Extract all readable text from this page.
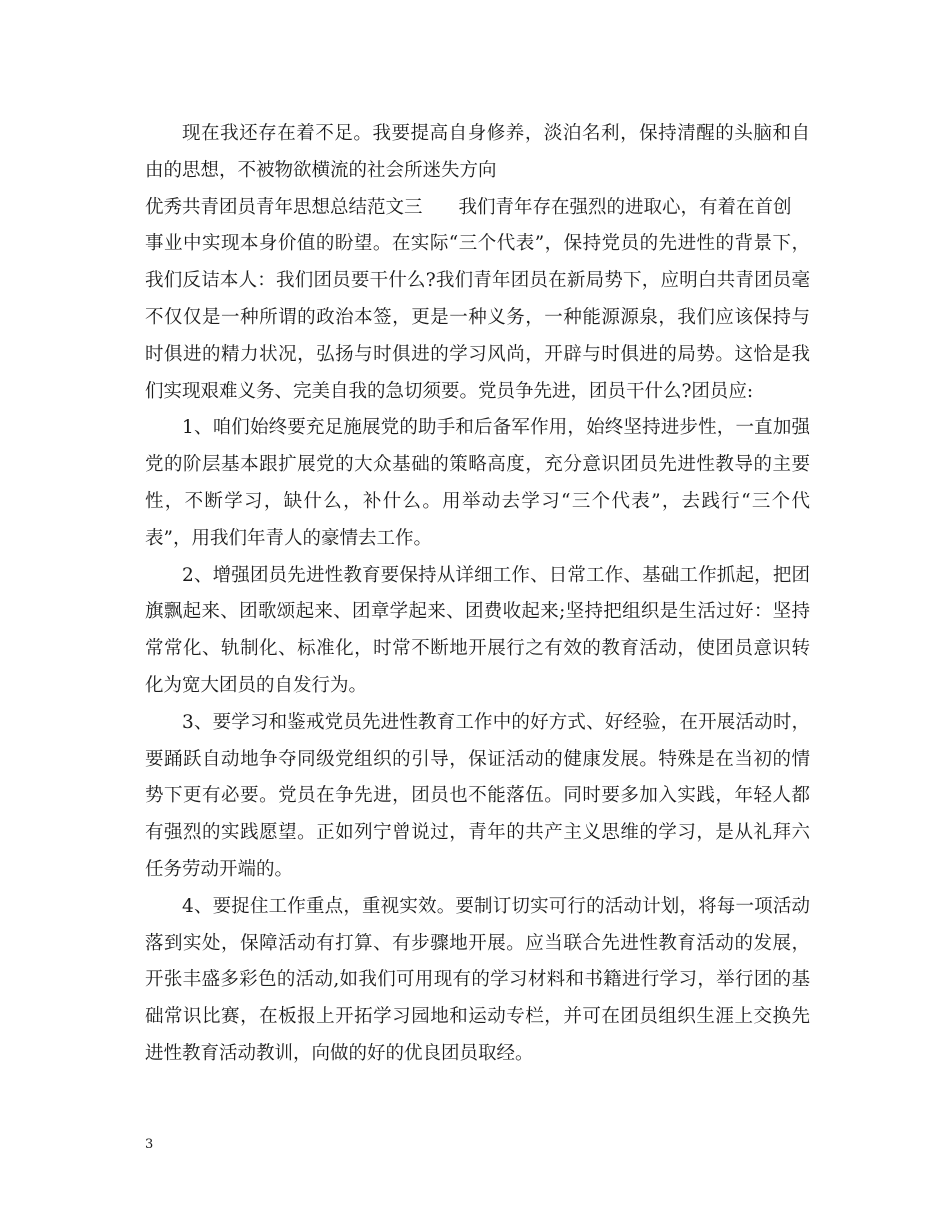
现在我还存在着不足。我要提高自身修养，淡泊名利，保持清醒的头脑和自
由的思想，不被物欲横流的社会所迷失方向
优秀共青团员青年思想总结范文三 我们青年存在强烈的进取心，有着在首创
事业中实现本身价值的盼望。在实际“三个代表”，保持党员的先进性的背景下，
我们反诘本人：我们团员要干什么?我们青年团员在新局势下，应明白共青团员毫
不仅仅是一种所谓的政治本签，更是一种义务，一种能源源泉，我们应该保持与
时俱进的精力状况，弘扬与时俱进的学习风尚，开辟与时俱进的局势。这恰是我
们实现艰难义务、完美自我的急切须要。党员争先进，团员干什么?团员应:
1、咱们始终要充足施展党的助手和后备军作用，始终坚持进步性，一直加强
党的阶层基本跟扩展党的大众基础的策略高度，充分意识团员先进性教导的主要
性，不断学习，缺什么，补什么。用举动去学习“三个代表”，去践行“三个代
表”，用我们年青人的豪情去工作。
2、增强团员先进性教育要保持从详细工作、日常工作、基础工作抓起，把团
旗飘起来、团歌颂起来、团章学起来、团费收起来;坚持把组织是生活过好：坚持
常常化、轨制化、标准化，时常不断地开展行之有效的教育活动，使团员意识转
化为宽大团员的自发行为。
3、要学习和鉴戒党员先进性教育工作中的好方式、好经验，在开展活动时，
要踊跃自动地争夺同级党组织的引导，保证活动的健康发展。特殊是在当初的情
势下更有必要。党员在争先进，团员也不能落伍。同时要多加入实践，年轻人都
有强烈的实践愿望。正如列宁曾说过，青年的共产主义思维的学习，是从礼拜六
任务劳动开端的。
4、要捉住工作重点，重视实效。要制订切实可行的活动计划，将每一项活动
落到实处，保障活动有打算、有步骤地开展。应当联合先进性教育活动的发展，
开张丰盛多彩色的活动,如我们可用现有的学习材料和书籍进行学习，举行团的基
础常识比赛，在板报上开拓学习园地和运动专栏，并可在团员组织生涯上交换先
进性教育活动教训，向做的好的优良团员取经。
3
